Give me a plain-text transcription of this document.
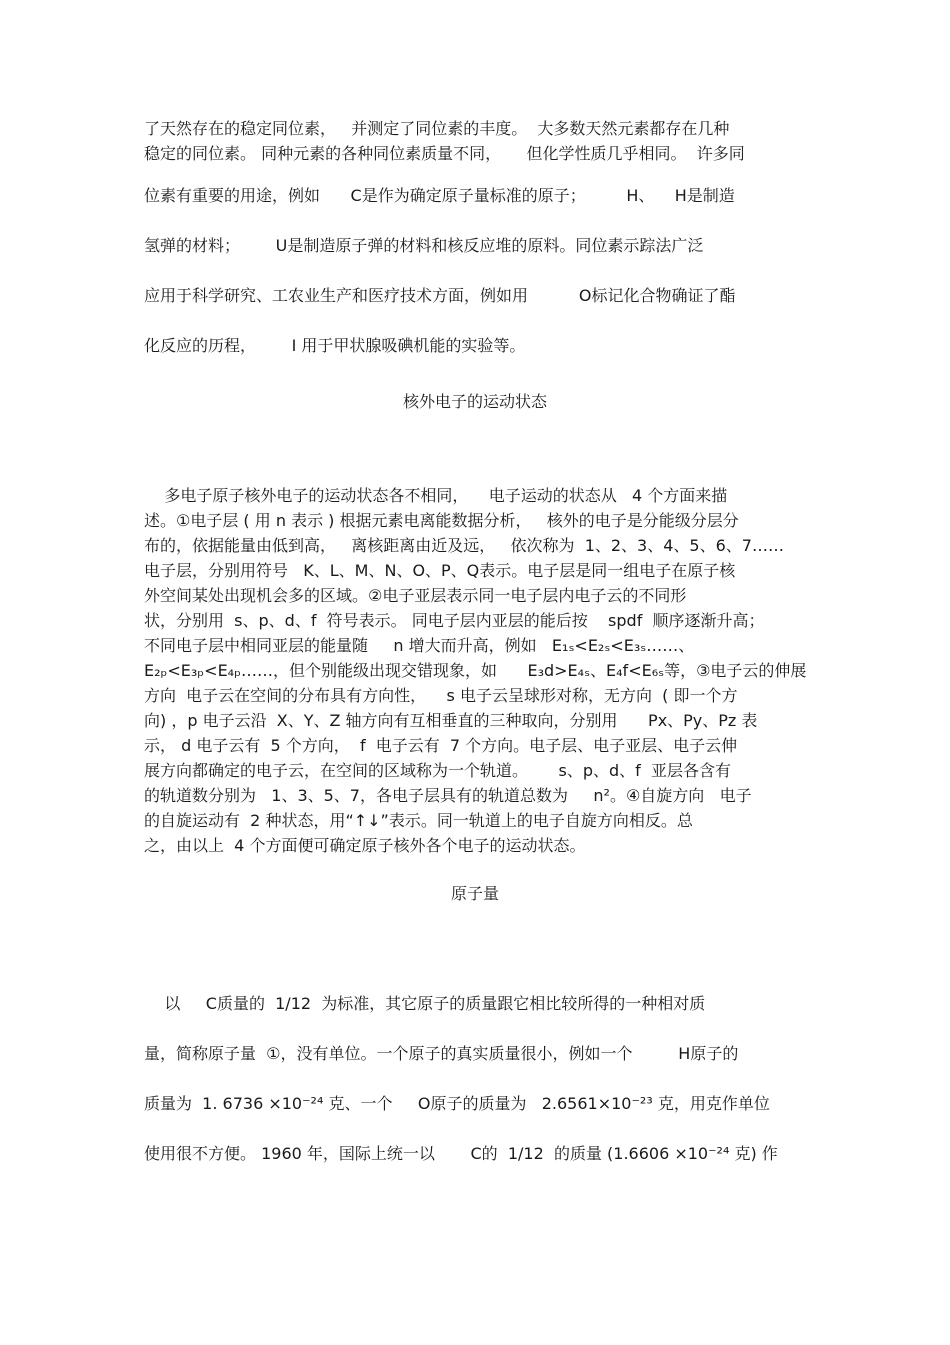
了天然存在的稳定同位素，   并测定了同位素的丰度。  大多数天然元素都存在几种
稳定的同位素。 同种元素的各种同位素质量不同，     但化学性质几乎相同。  许多同
位素有重要的用途，例如      C是作为确定原子量标准的原子；        H、    H是制造
氢弹的材料；       U是制造原子弹的材料和核反应堆的原料。同位素示踪法广泛
应用于科学研究、工农业生产和医疗技术方面，例如用          O标记化合物确证了酯
化反应的历程，       I 用于甲状腺吸碘机能的实验等。
核外电子的运动状态
多电子原子核外电子的运动状态各不相同，    电子运动的状态从   4 个方面来描
述。①电子层 ( 用 n 表示 ) 根据元素电离能数据分析，   核外的电子是分能级分层分
布的，依据能量由低到高，   离核距离由近及远，   依次称为  1、2、3、4、5、6、7……
电子层，分别用符号   K、L、M、N、O、P、Q表示。电子层是同一组电子在原子核
外空间某处出现机会多的区域。②电子亚层表示同一电子层内电子云的不同形
状，分别用  s、p、d、f  符号表示。 同电子层内亚层的能后按    spdf  顺序逐渐升高；
不同电子层中相同亚层的能量随     n 增大而升高，例如   E₁ₛ<E₂ₛ<E₃ₛ……、
E₂ₚ<E₃ₚ<E₄ₚ……，但个别能级出现交错现象，如      E₃d>E₄ₛ、E₄f<E₆ₛ等，③电子云的伸展
方向  电子云在空间的分布具有方向性，    s 电子云呈球形对称，无方向  ( 即一个方
向) ，p 电子云沿  X、Y、Z 轴方向有互相垂直的三种取向，分别用      Px、Py、Pz 表
示， d 电子云有  5 个方向，  f  电子云有  7 个方向。电子层、电子亚层、电子云伸
展方向都确定的电子云，在空间的区域称为一个轨道。      s、p、d、f  亚层各含有
的轨道数分别为   1、3、5、7，各电子层具有的轨道总数为     n²。④自旋方向   电子
的自旋运动有  2 种状态，用“↑↓”表示。同一轨道上的电子自旋方向相反。总
之，由以上  4 个方面便可确定原子核外各个电子的运动状态。
原子量
以     C质量的  1/12  为标准，其它原子的质量跟它相比较所得的一种相对质
量，简称原子量  ①，没有单位。一个原子的真实质量很小，例如一个         H原子的
质量为  1. 6736 ×10⁻²⁴ 克、一个     O原子的质量为   2.6561×10⁻²³ 克，用克作单位
使用很不方便。 1960 年，国际上统一以       C的  1/12  的质量 (1.6606 ×10⁻²⁴ 克) 作
